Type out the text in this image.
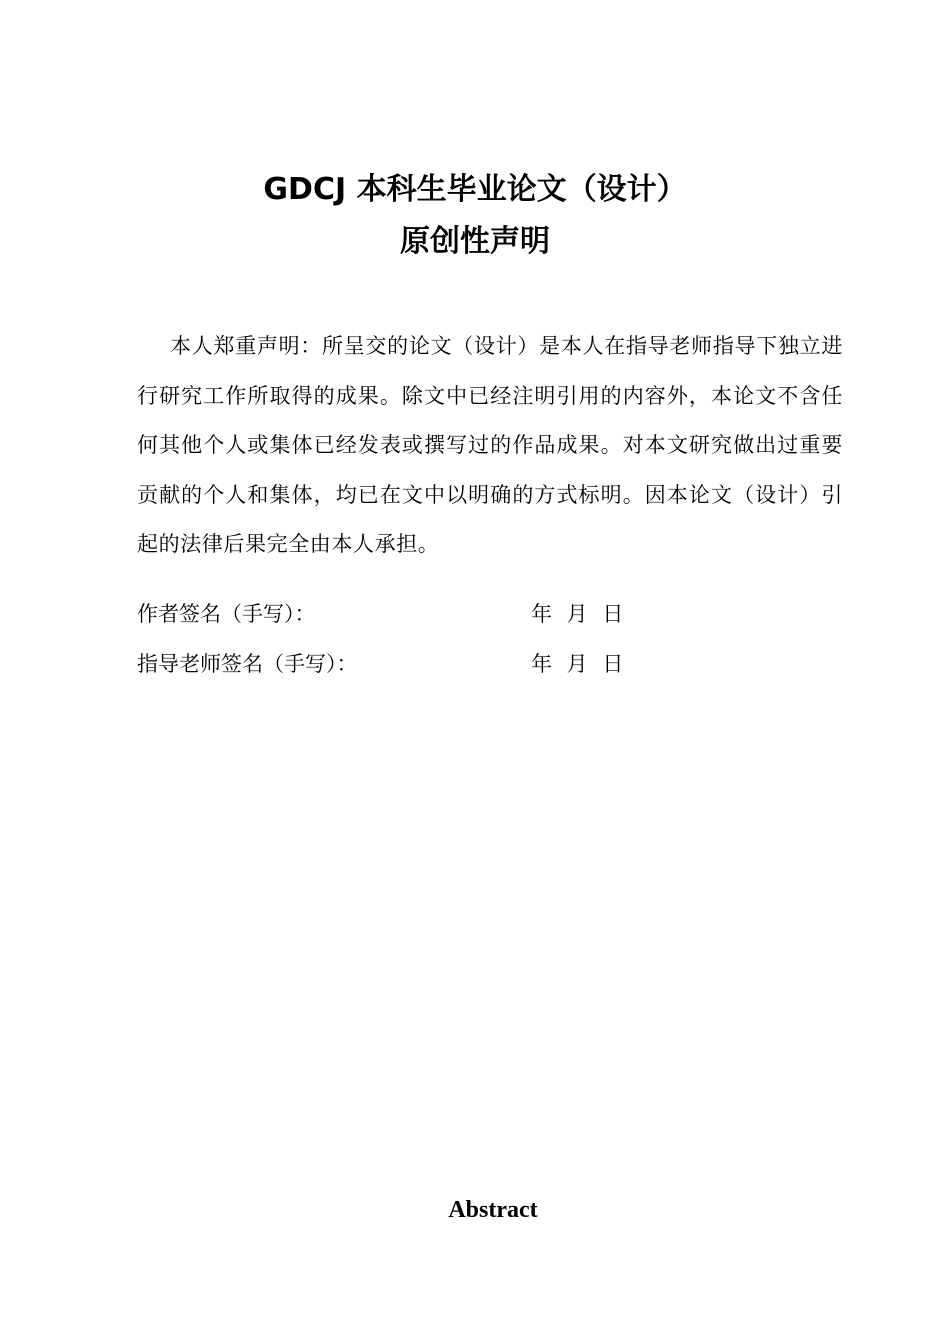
GDCJ 本科生毕业论文（设计）
原创性声明

本人郑重声明：所呈交的论文（设计）是本人在指导老师指导下独立进行研究工作所取得的成果。除文中已经注明引用的内容外，本论文不含任何其他个人或集体已经发表或撰写过的作品成果。对本文研究做出过重要贡献的个人和集体，均已在文中以明确的方式标明。因本论文（设计）引起的法律后果完全由本人承担。

作者签名（手写）：	年 月 日
指导老师签名（手写）：	年 月 日
Abstract
